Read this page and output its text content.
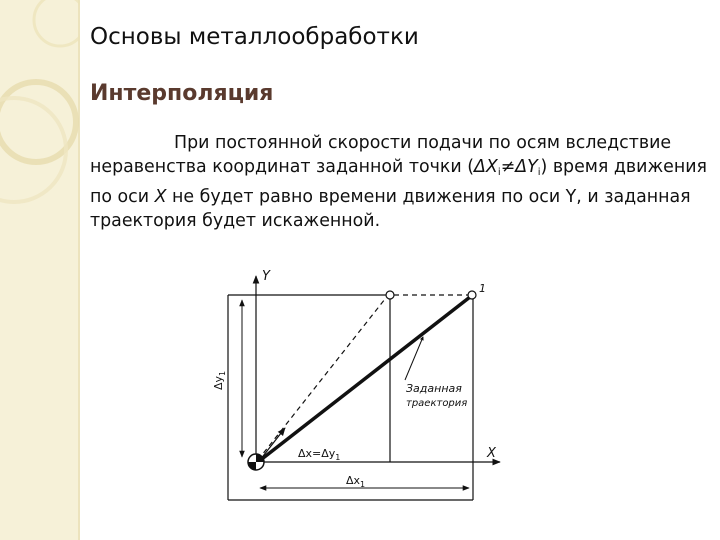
Основы металлообработки
Интерполяция

При постоянной скорости подачи по осям вследствие неравенства координат заданной точки $(\Delta X_i\ne\Delta Y_i)$ время движения по оси X не будет равно времени движения по оси Y, и заданная траектория будет искаженной.

Y
X
$\Delta y_1$
$\Delta x_1$
1
$\Delta x=\Delta y_1$
Заданная
траектория
